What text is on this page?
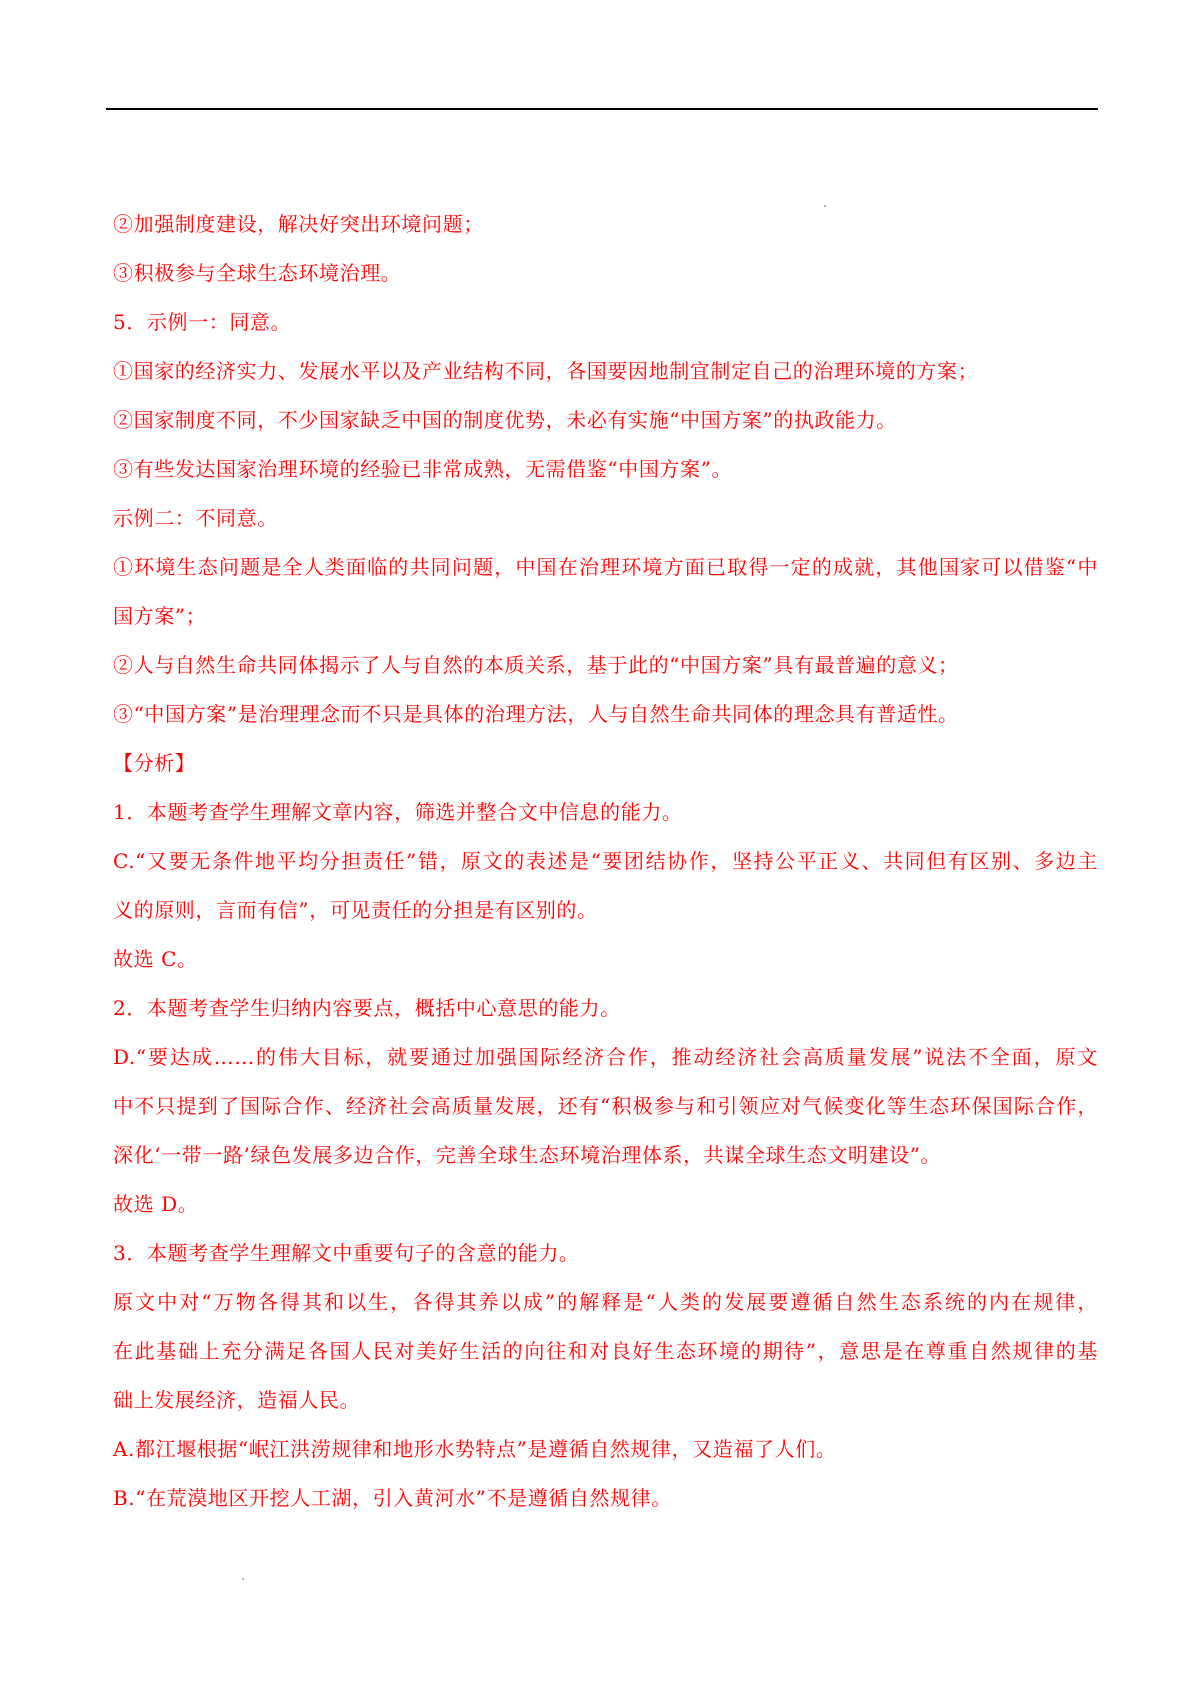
②加强制度建设，解决好突出环境问题；
③积极参与全球生态环境治理。
5．示例一：同意。
①国家的经济实力、发展水平以及产业结构不同，各国要因地制宜制定自己的治理环境的方案；
②国家制度不同，不少国家缺乏中国的制度优势，未必有实施“中国方案”的执政能力。
③有些发达国家治理环境的经验已非常成熟，无需借鉴“中国方案”。
示例二：不同意。
①环境生态问题是全人类面临的共同问题，中国在治理环境方面已取得一定的成就，其他国家可以借鉴“中
国方案”；
②人与自然生命共同体揭示了人与自然的本质关系，基于此的“中国方案”具有最普遍的意义；
③“中国方案”是治理理念而不只是具体的治理方法，人与自然生命共同体的理念具有普适性。
【分析】
1．本题考查学生理解文章内容，筛选并整合文中信息的能力。
C.“又要无条件地平均分担责任”错，原文的表述是“要团结协作，坚持公平正义、共同但有区别、多边主
义的原则，言而有信”，可见责任的分担是有区别的。
故选 C。
2．本题考查学生归纳内容要点，概括中心意思的能力。
D.“要达成……的伟大目标，就要通过加强国际经济合作，推动经济社会高质量发展”说法不全面，原文
中不只提到了国际合作、经济社会高质量发展，还有“积极参与和引领应对气候变化等生态环保国际合作，
深化‘一带一路’绿色发展多边合作，完善全球生态环境治理体系，共谋全球生态文明建设”。
故选 D。
3．本题考查学生理解文中重要句子的含意的能力。
原文中对“万物各得其和以生，各得其养以成”的解释是“人类的发展要遵循自然生态系统的内在规律，
在此基础上充分满足各国人民对美好生活的向往和对良好生态环境的期待”，意思是在尊重自然规律的基
础上发展经济，造福人民。
A.都江堰根据“岷江洪涝规律和地形水势特点”是遵循自然规律，又造福了人们。
B.“在荒漠地区开挖人工湖，引入黄河水”不是遵循自然规律。
